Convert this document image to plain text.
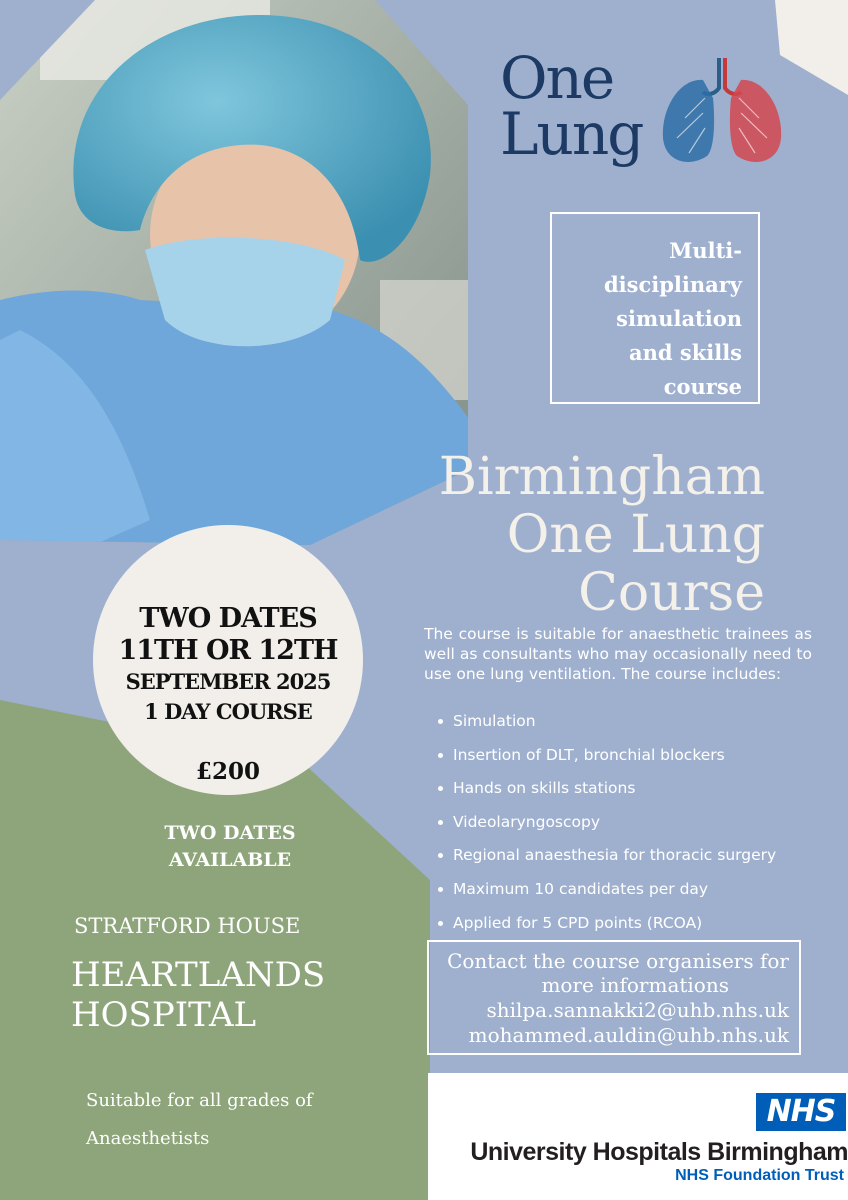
One
Lung
Multi-
disciplinary
simulation
and skills
course
Birmingham
One Lung
Course
The course is suitable for anaesthetic trainees as well as consultants who may occasionally need to use one lung ventilation. The course includes:
Simulation
Insertion of DLT, bronchial blockers
Hands on skills stations
Videolaryngoscopy
Regional anaesthesia for thoracic surgery
Maximum 10 candidates per day
Applied for 5 CPD points (RCOA)
Contact the course organisers for
more informations
shilpa.sannakki2@uhb.nhs.uk
mohammed.auldin@uhb.nhs.uk
TWO DATES
11TH OR 12TH
SEPTEMBER 2025
1 DAY COURSE
£200
TWO DATES
AVAILABLE
STRATFORD HOUSE
HEARTLANDS
HOSPITAL
Suitable for all grades of
Anaesthetists
NHS
University Hospitals Birmingham
NHS Foundation Trust
